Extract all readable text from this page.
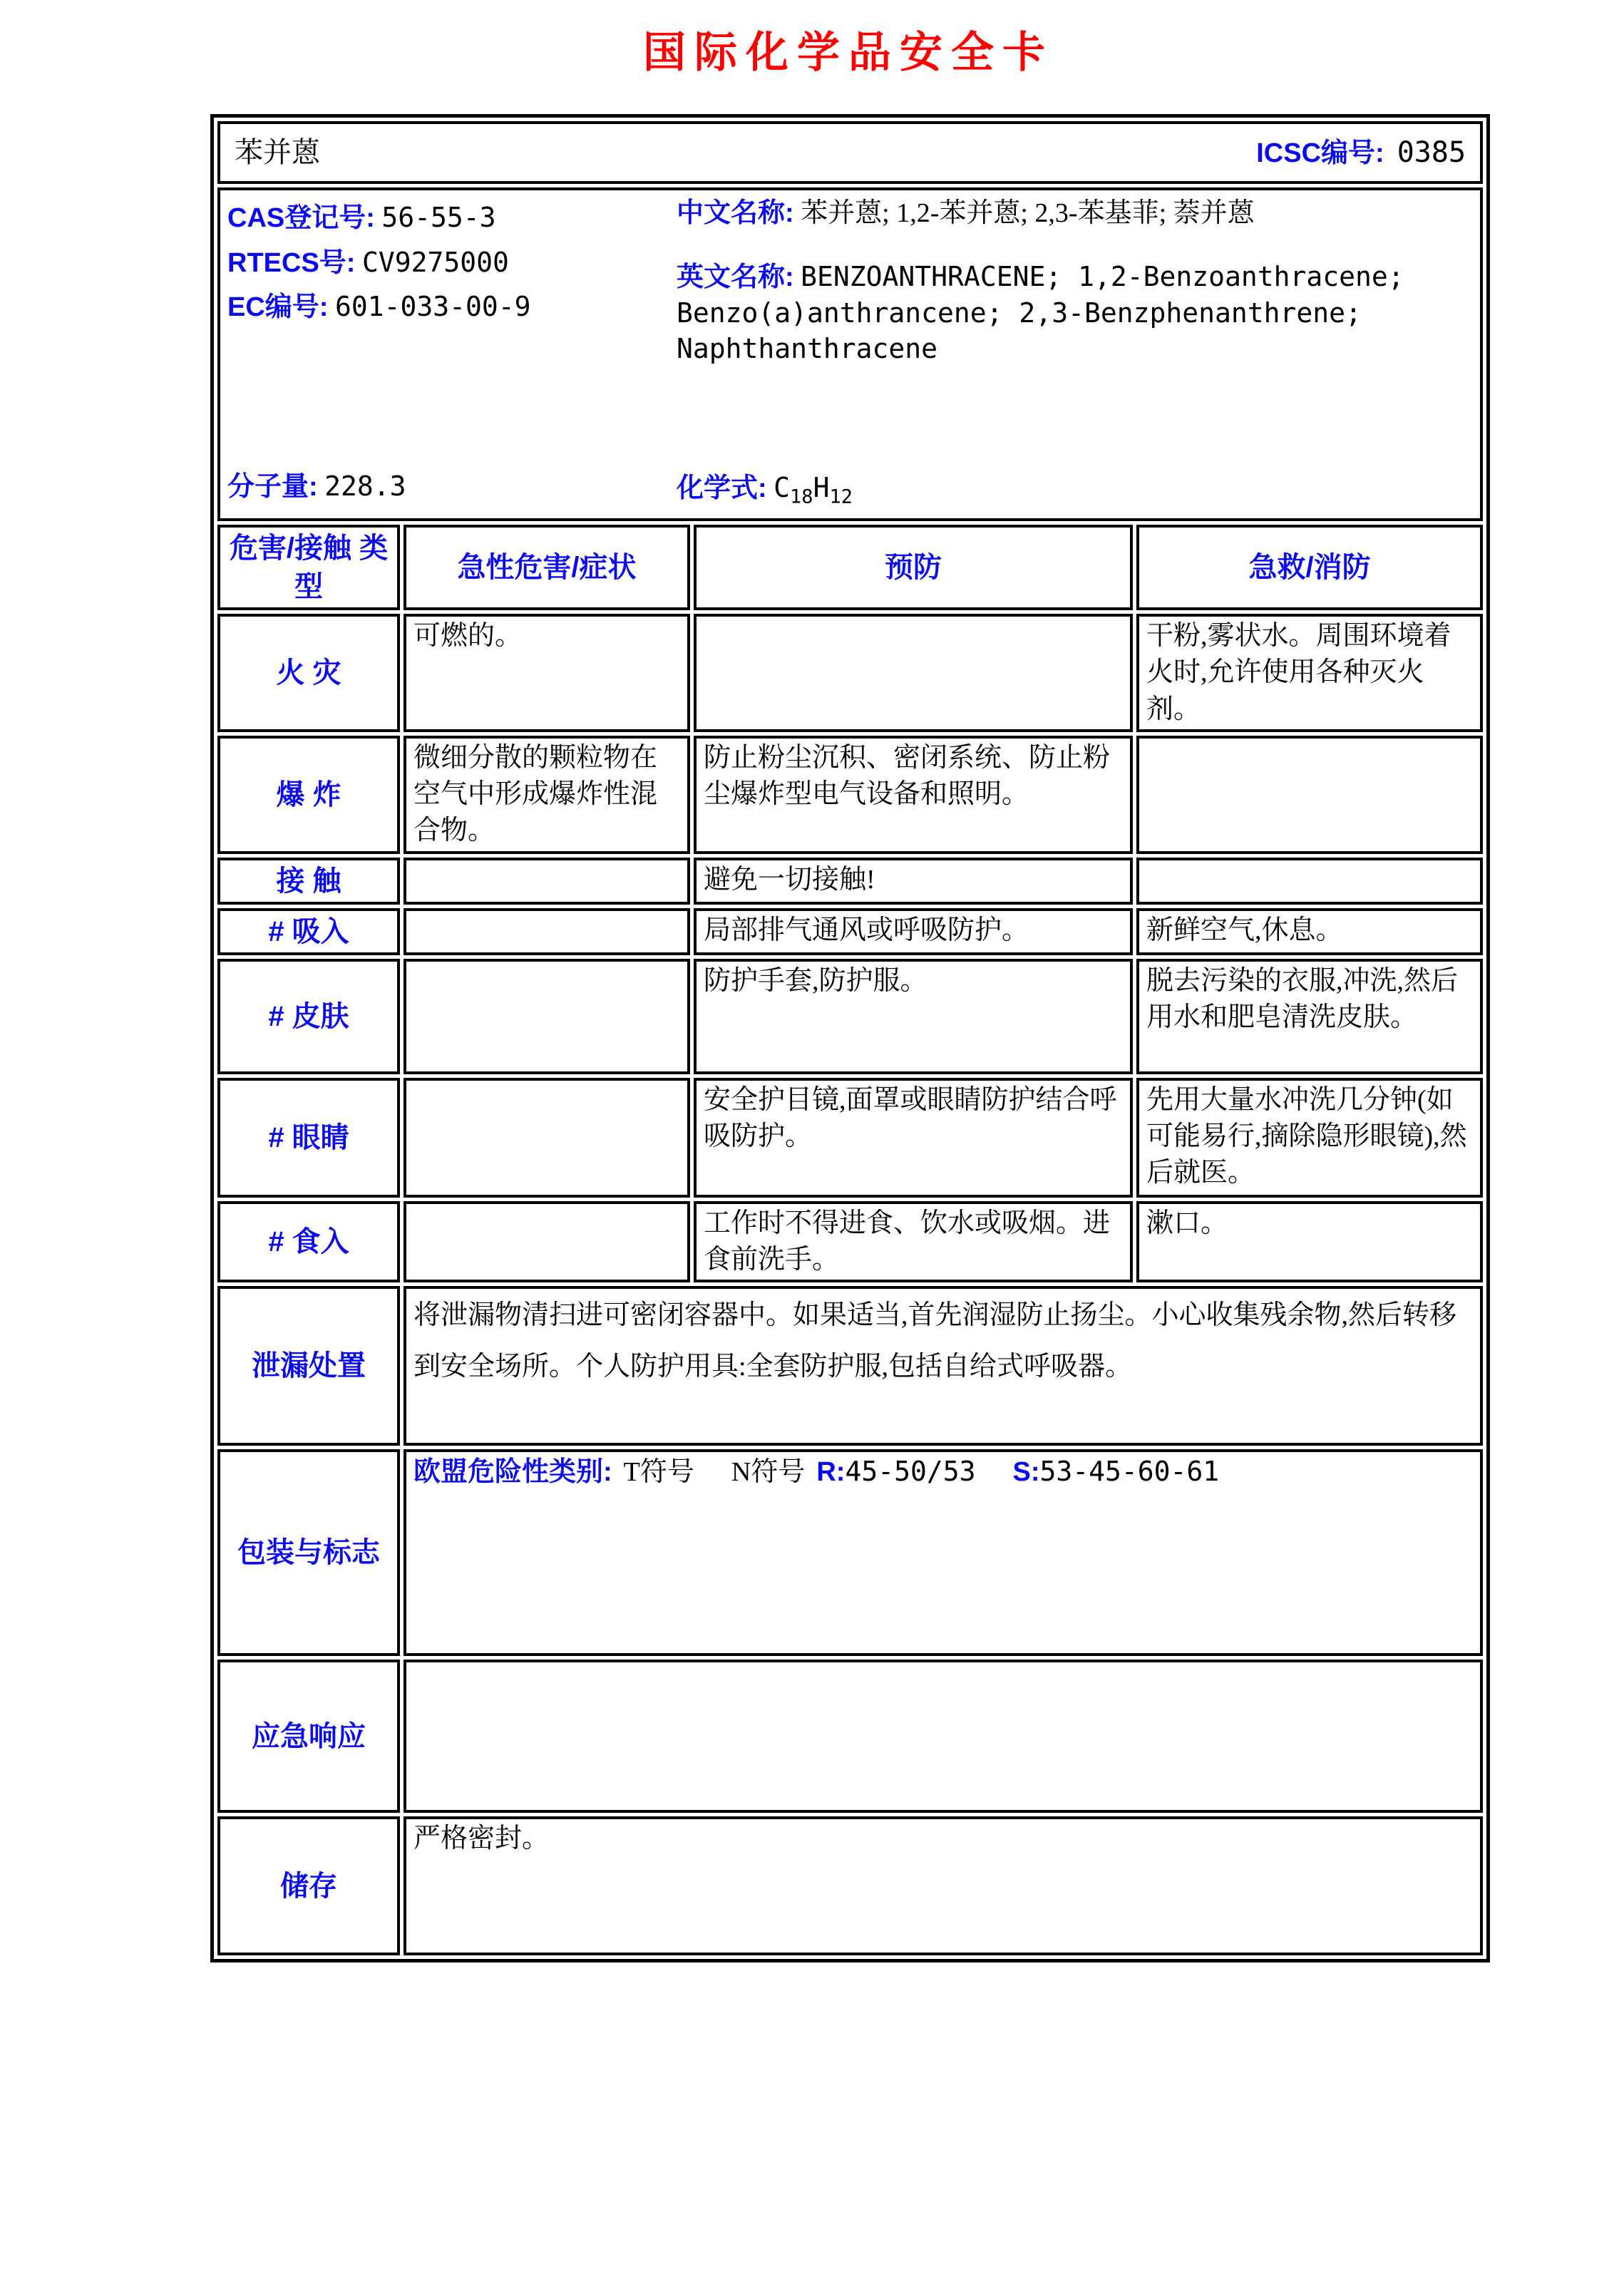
国际化学品安全卡
苯并蒽 ICSC编号: 0385			

CAS登记号: 56-55-3
RTECS号: CV9275000
EC编号: 601-033-00-9
分子量: 228.3

中文名称: 苯并蒽; 1,2-苯并蒽; 2,3-苯基菲; 萘并蒽

英文名称: BENZOANTHRACENE; 1,2-Benzoanthracene; Benzo(a)anthrancene; 2,3-Benzphenanthrene; Naphthanthracene

化学式: $C_{18}H_{12}$

危害/接触 类型	急性危害/症状	预防	急救/消防
火 灾	可燃的。		干粉,雾状水。周围环境着火时,允许使用各种灭火剂。
爆 炸	微细分散的颗粒物在空气中形成爆炸性混合物。	防止粉尘沉积、密闭系统、防止粉尘爆炸型电气设备和照明。	
接 触		避免一切接触!	
# 吸入		局部排气通风或呼吸防护。	新鲜空气,休息。
# 皮肤		防护手套,防护服。	脱去污染的衣服,冲洗,然后用水和肥皂清洗皮肤。
# 眼睛		安全护目镜,面罩或眼睛防护结合呼吸防护。	先用大量水冲洗几分钟(如可能易行,摘除隐形眼镜),然后就医。
# 食入		工作时不得进食、饮水或吸烟。进食前洗手。	漱口。
泄漏处置	将泄漏物清扫进可密闭容器中。如果适当,首先润湿防止扬尘。小心收集残余物,然后转移到安全场所。个人防护用具:全套防护服,包括自给式呼吸器。		

包装与标志	欧盟危险性类别: T符号 N符号 R:45-50/53 S:53-45-60-61		

应急响应			
储存	严格密封。		
